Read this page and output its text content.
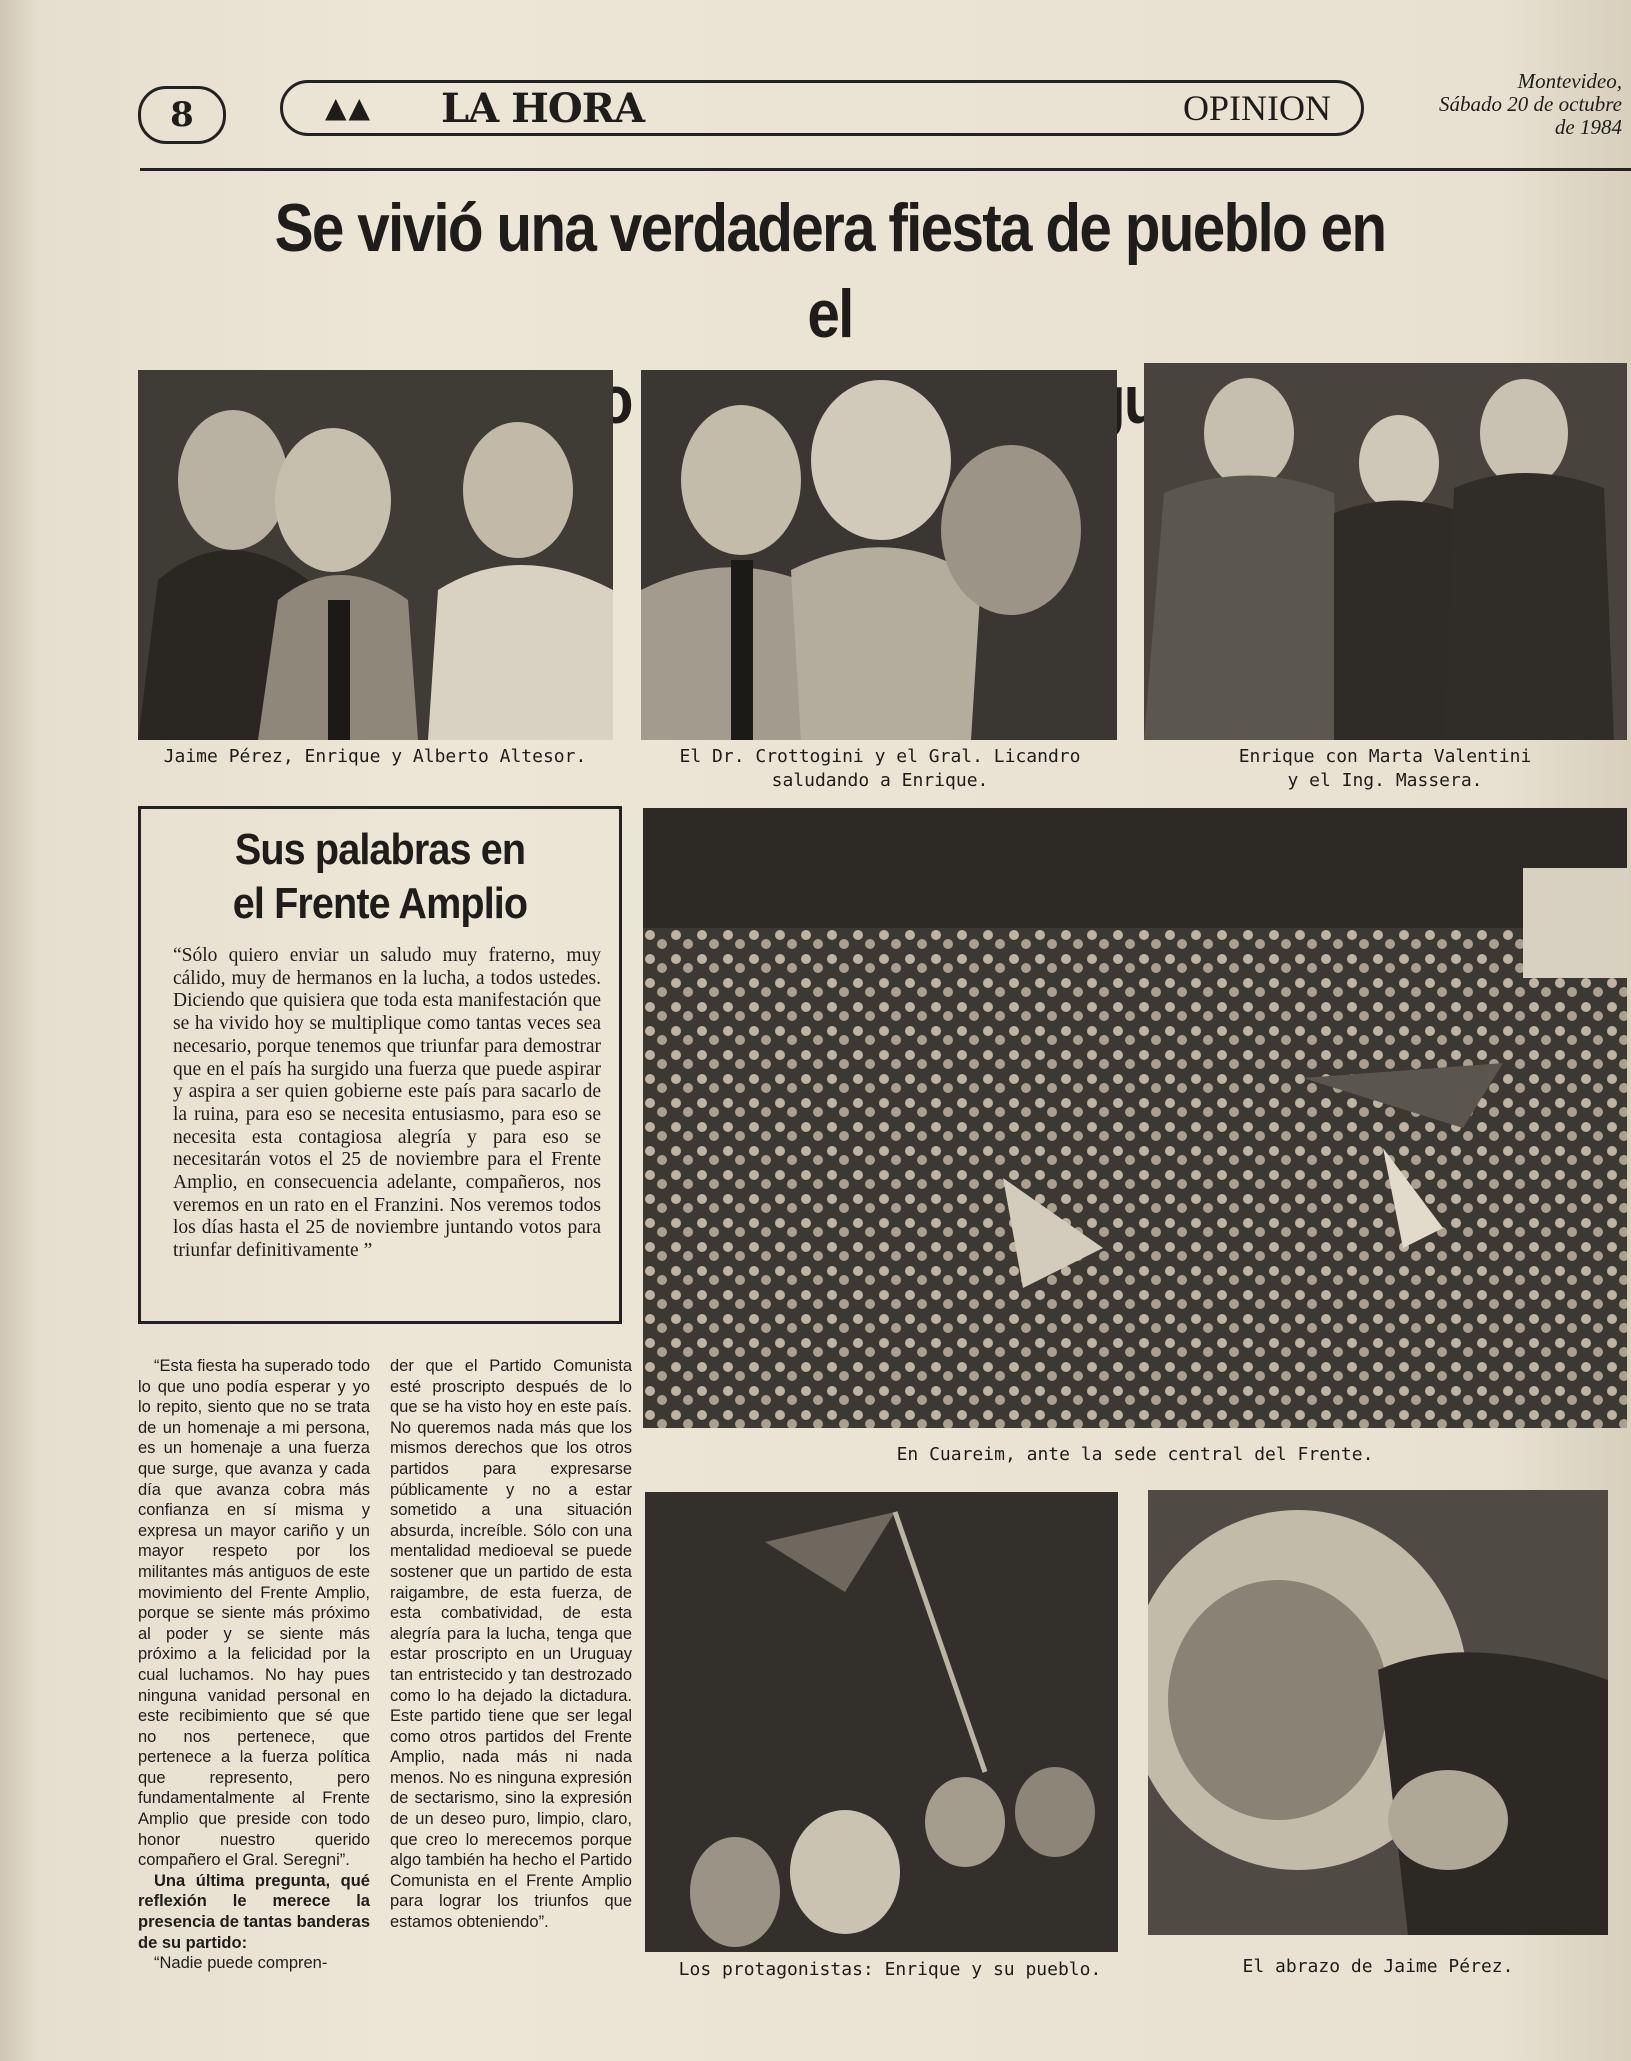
8	▲▲ LA HORA	OPINION
Montevideo,
Sábado 20 de octubre
de 1984
Se vivió una verdadera fiesta de pueblo en el
Jaime Pérez, Enrique y Alberto Altesor.	El Dr. Crottogini y el Gral. Licandro
saludando a Enrique.
Enrique con Marta Valentini
y el Ing. Massera.
Sus palabras en
el Frente Amplio

“Sólo quiero enviar un saludo muy fraterno, muy cálido, muy de hermanos en la lucha, a todos ustedes. Diciendo que quisiera que toda esta manifestación que se ha vivido hoy se multiplique como tantas veces sea necesario, porque tenemos que triunfar para demostrar que en el país ha surgido una fuerza que puede aspirar y aspira a ser quien gobierne este país para sacarlo de la ruina, para eso se necesita entusiasmo, para eso se necesita esta contagiosa alegría y para eso se necesitarán votos el 25 de noviembre para el Frente Amplio, en consecuencia adelante, compañeros, nos veremos en un rato en el Franzini. Nos veremos todos los días hasta el 25 de noviembre juntando votos para triunfar definitivamente ”

En Cuareim, ante la sede central del Frente.

“Esta fiesta ha superado todo lo que uno podía esperar y yo lo repito, siento que no se trata de un homenaje a mi persona, es un homenaje a una fuerza que surge, que avanza y cada día que avanza cobra más confianza en sí misma y expresa un mayor cariño y un mayor respeto por los militantes más antiguos de este movimiento del Frente Amplio, porque se siente más próximo al poder y se siente más próximo a la felicidad por la cual luchamos. No hay pues ninguna vanidad personal en este recibimiento que sé que no nos pertenece, que pertenece a la fuerza política que represento, pero fundamentalmente al Frente Amplio que preside con todo honor nuestro querido compañero el Gral. Seregni”.

Una última pregunta, qué reflexión le merece la presencia de tantas banderas de su partido:

“Nadie puede compren-

der que el Partido Comunista esté proscripto después de lo que se ha visto hoy en este país. No queremos nada más que los mismos derechos que los otros partidos para expresarse públicamente y no a estar sometido a una situación absurda, increíble. Sólo con una mentalidad medioeval se puede sostener que un partido de esta raigambre, de esta fuerza, de esta combatividad, de esta alegría para la lucha, tenga que estar proscripto en un Uruguay tan entristecido y tan destrozado como lo ha dejado la dictadura. Este partido tiene que ser legal como otros partidos del Frente Amplio, nada más ni nada menos. No es ninguna expresión de sectarismo, sino la expresión de un deseo puro, limpio, claro, que creo lo merecemos porque algo también ha hecho el Partido Comunista en el Frente Amplio para lograr los triunfos que estamos obteniendo”.

Los protagonistas: Enrique y su pueblo.	El abrazo de Jaime Pérez.
